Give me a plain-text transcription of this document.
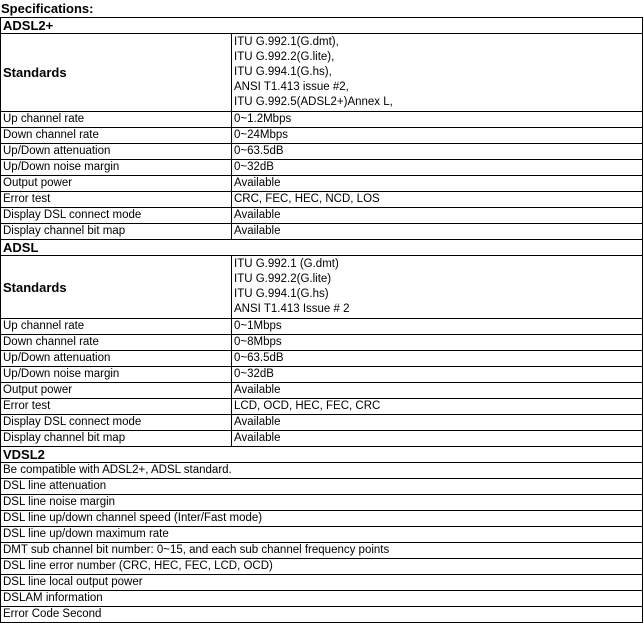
Specifications:
ADSL2+	
Standards	ITU G.992.1(G.dmt),
ITU G.992.2(G.lite),
ITU G.994.1(G.hs),
ANSI T1.413 issue #2,
ITU G.992.5(ADSL2+)Annex L,

Up channel rate	0~1.2Mbps
Down channel rate	0~24Mbps
Up/Down attenuation	0~63.5dB
Up/Down noise margin	0~32dB
Output power	Available
Error test	CRC, FEC, HEC, NCD, LOS
Display DSL connect mode	Available
Display channel bit map	Available
ADSL	
Standards	ITU G.992.1 (G.dmt)
ITU G.992.2(G.lite)
ITU G.994.1(G.hs)
ANSI T1.413 Issue # 2

Up channel rate	0~1Mbps
Down channel rate	0~8Mbps
Up/Down attenuation	0~63.5dB
Up/Down noise margin	0~32dB
Output power	Available
Error test	LCD, OCD, HEC, FEC, CRC
Display DSL connect mode	Available
Display channel bit map	Available
VDSL2	
Be compatible with ADSL2+, ADSL standard.	
DSL line attenuation	
DSL line noise margin	
DSL line up/down channel speed (Inter/Fast mode)	
DSL line up/down maximum rate	
DMT sub channel bit number: 0~15, and each sub channel frequency points	
DSL line error number (CRC, HEC, FEC, LCD, OCD)	
DSL line local output power	
DSLAM information	
Error Code Second	
